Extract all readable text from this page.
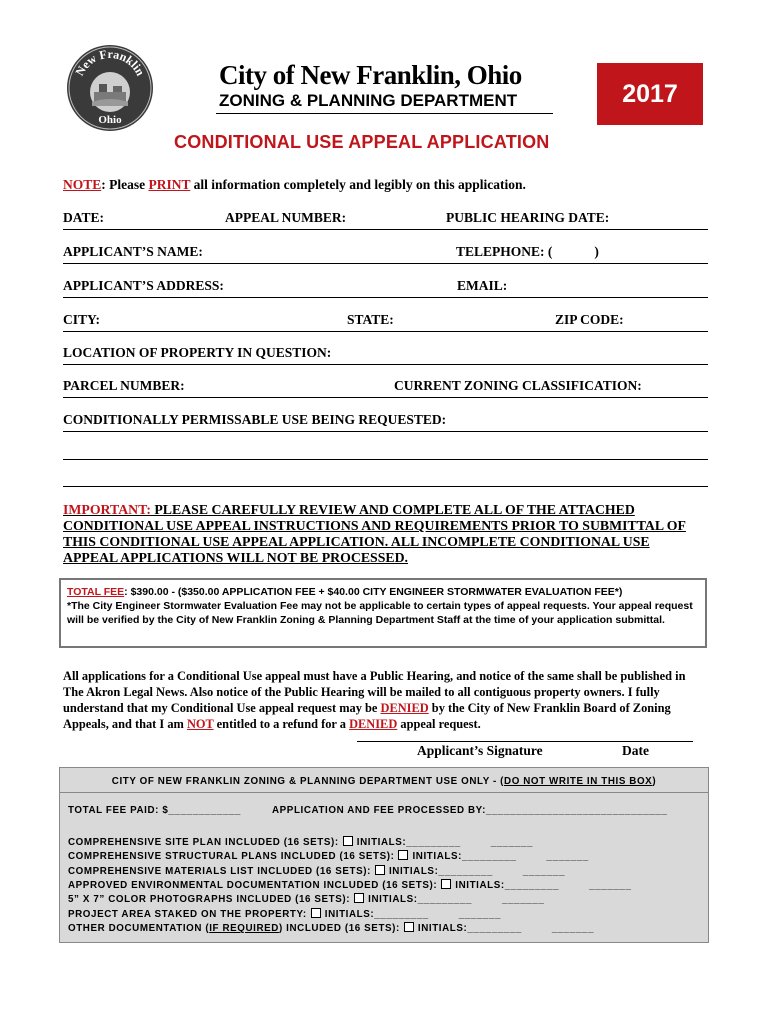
New Franklin
Ohio
City of New Franklin, Ohio
ZONING & PLANNING DEPARTMENT	2017
CONDITIONAL USE APPEAL APPLICATION
NOTE: Please PRINT all information completely and legibly on this application.
DATE:	APPEAL NUMBER:	PUBLIC HEARING DATE:
APPLICANT’S NAME:	TELEPHONE: (	)
APPLICANT’S ADDRESS:	EMAIL:
CITY:	STATE:	ZIP CODE:
LOCATION OF PROPERTY IN QUESTION:
PARCEL NUMBER:	CURRENT ZONING CLASSIFICATION:
CONDITIONALLY PERMISSABLE USE BEING REQUESTED:
IMPORTANT: PLEASE CAREFULLY REVIEW AND COMPLETE ALL OF THE ATTACHED CONDITIONAL USE APPEAL INSTRUCTIONS AND REQUIREMENTS PRIOR TO SUBMITTAL OF THIS CONDITIONAL USE APPEAL APPLICATION. ALL INCOMPLETE CONDITIONAL USE APPEAL APPLICATIONS WILL NOT BE PROCESSED.
TOTAL FEE: $390.00 - ($350.00 APPLICATION FEE + $40.00 CITY ENGINEER STORMWATER EVALUATION FEE*)
*The City Engineer Stormwater Evaluation Fee may not be applicable to certain types of appeal requests. Your appeal request will be verified by the City of New Franklin Zoning & Planning Department Staff at the time of your application submittal.
All applications for a Conditional Use appeal must have a Public Hearing, and notice of the same shall be published in The Akron Legal News. Also notice of the Public Hearing will be mailed to all contiguous property owners. I fully understand that my Conditional Use appeal request may be DENIED by the City of New Franklin Board of Zoning Appeals, and that I am NOT entitled to a refund for a DENIED appeal request.
Applicant’s Signature	Date
CITY OF NEW FRANKLIN ZONING & PLANNING DEPARTMENT USE ONLY - (DO NOT WRITE IN THIS BOX)
TOTAL FEE PAID: $____________	APPLICATION AND FEE PROCESSED BY:______________________________
COMPREHENSIVE SITE PLAN INCLUDED (16 SETS): INITIALS:_________	_______
COMPREHENSIVE STRUCTURAL PLANS INCLUDED (16 SETS): INITIALS:_________	_______
COMPREHENSIVE MATERIALS LIST INCLUDED (16 SETS): INITIALS:_________	_______
APPROVED ENVIRONMENTAL DOCUMENTATION INCLUDED (16 SETS): INITIALS:_________	_______
5” X 7” COLOR PHOTOGRAPHS INCLUDED (16 SETS): INITIALS:_________	_______
PROJECT AREA STAKED ON THE PROPERTY: INITIALS:_________	_______
OTHER DOCUMENTATION (IF REQUIRED) INCLUDED (16 SETS): INITIALS:_________	_______
